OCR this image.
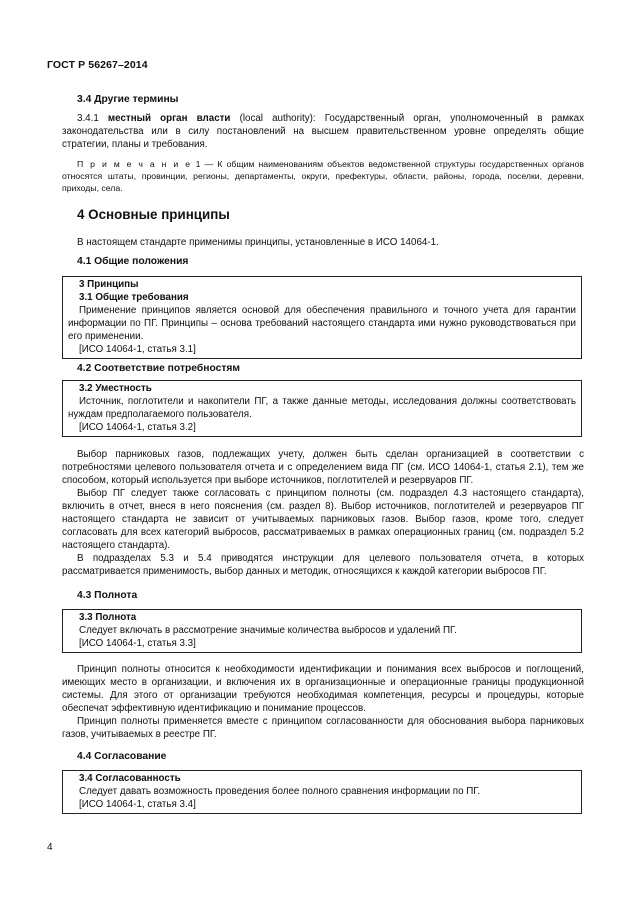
ГОСТ Р 56267–2014
3.4 Другие термины

3.4.1 местный орган власти (local authority): Государственный орган, уполномоченный в рамках законодательства или в силу постановлений на высшем правительственном уровне определять общие стратегии, планы и требования.

П р и м е ч а н и е 1 — К общим наименованиям объектов ведомственной структуры государственных органов относятся штаты, провинции, регионы, департаменты, округи, префектуры, области, районы, города, поселки, деревни, приходы, села.

4 Основные принципы

В настоящем стандарте применимы принципы, установленные в ИСО 14064-1.

4.1 Общие положения

3 Принципы

3.1 Общие требования

Применение принципов является основой для обеспечения правильного и точного учета для гарантии информации по ПГ. Принципы – основа требований настоящего стандарта ими нужно руководствоваться при его применении.

[ИСО 14064-1, статья 3.1]

4.2 Соответствие потребностям

3.2 Уместность

Источник, поглотители и накопители ПГ, а также данные методы, исследования должны соответствовать нуждам предполагаемого пользователя.

[ИСО 14064-1, статья 3.2]

Выбор парниковых газов, подлежащих учету, должен быть сделан организацией в соответствии с потребностями целевого пользователя отчета и с определением вида ПГ (см. ИСО 14064-1, статья 2.1), тем же способом, который используется при выборе источников, поглотителей и резервуаров ПГ.

Выбор ПГ следует также согласовать с принципом полноты (см. подраздел 4.3 настоящего стандарта), включить в отчет, внеся в него пояснения (см. раздел 8). Выбор источников, поглотителей и резервуаров ПГ настоящего стандарта не зависит от учитываемых парниковых газов. Выбор газов, кроме того, следует согласовать для всех категорий выбросов, рассматриваемых в рамках операционных границ (см. подраздел 5.2 настоящего стандарта).

В подразделах 5.3 и 5.4 приводятся инструкции для целевого пользователя отчета, в которых рассматривается применимость, выбор данных и методик, относящихся к каждой категории выбросов ПГ.

4.3 Полнота

3.3 Полнота

Следует включать в рассмотрение значимые количества выбросов и удалений ПГ.

[ИСО 14064-1, статья 3.3]

Принцип полноты относится к необходимости идентификации и понимания всех выбросов и поглощений, имеющих место в организации, и включения их в организационные и операционные границы продукционной системы. Для этого от организации требуются необходимая компетенция, ресурсы и процедуры, которые обеспечат эффективную идентификацию и понимание процессов.

Принцип полноты применяется вместе с принципом согласованности для обоснования выбора парниковых газов, учитываемых в реестре ПГ.

4.4 Согласование

3.4 Согласованность

Следует давать возможность проведения более полного сравнения информации по ПГ.

[ИСО 14064-1, статья 3.4]

4
